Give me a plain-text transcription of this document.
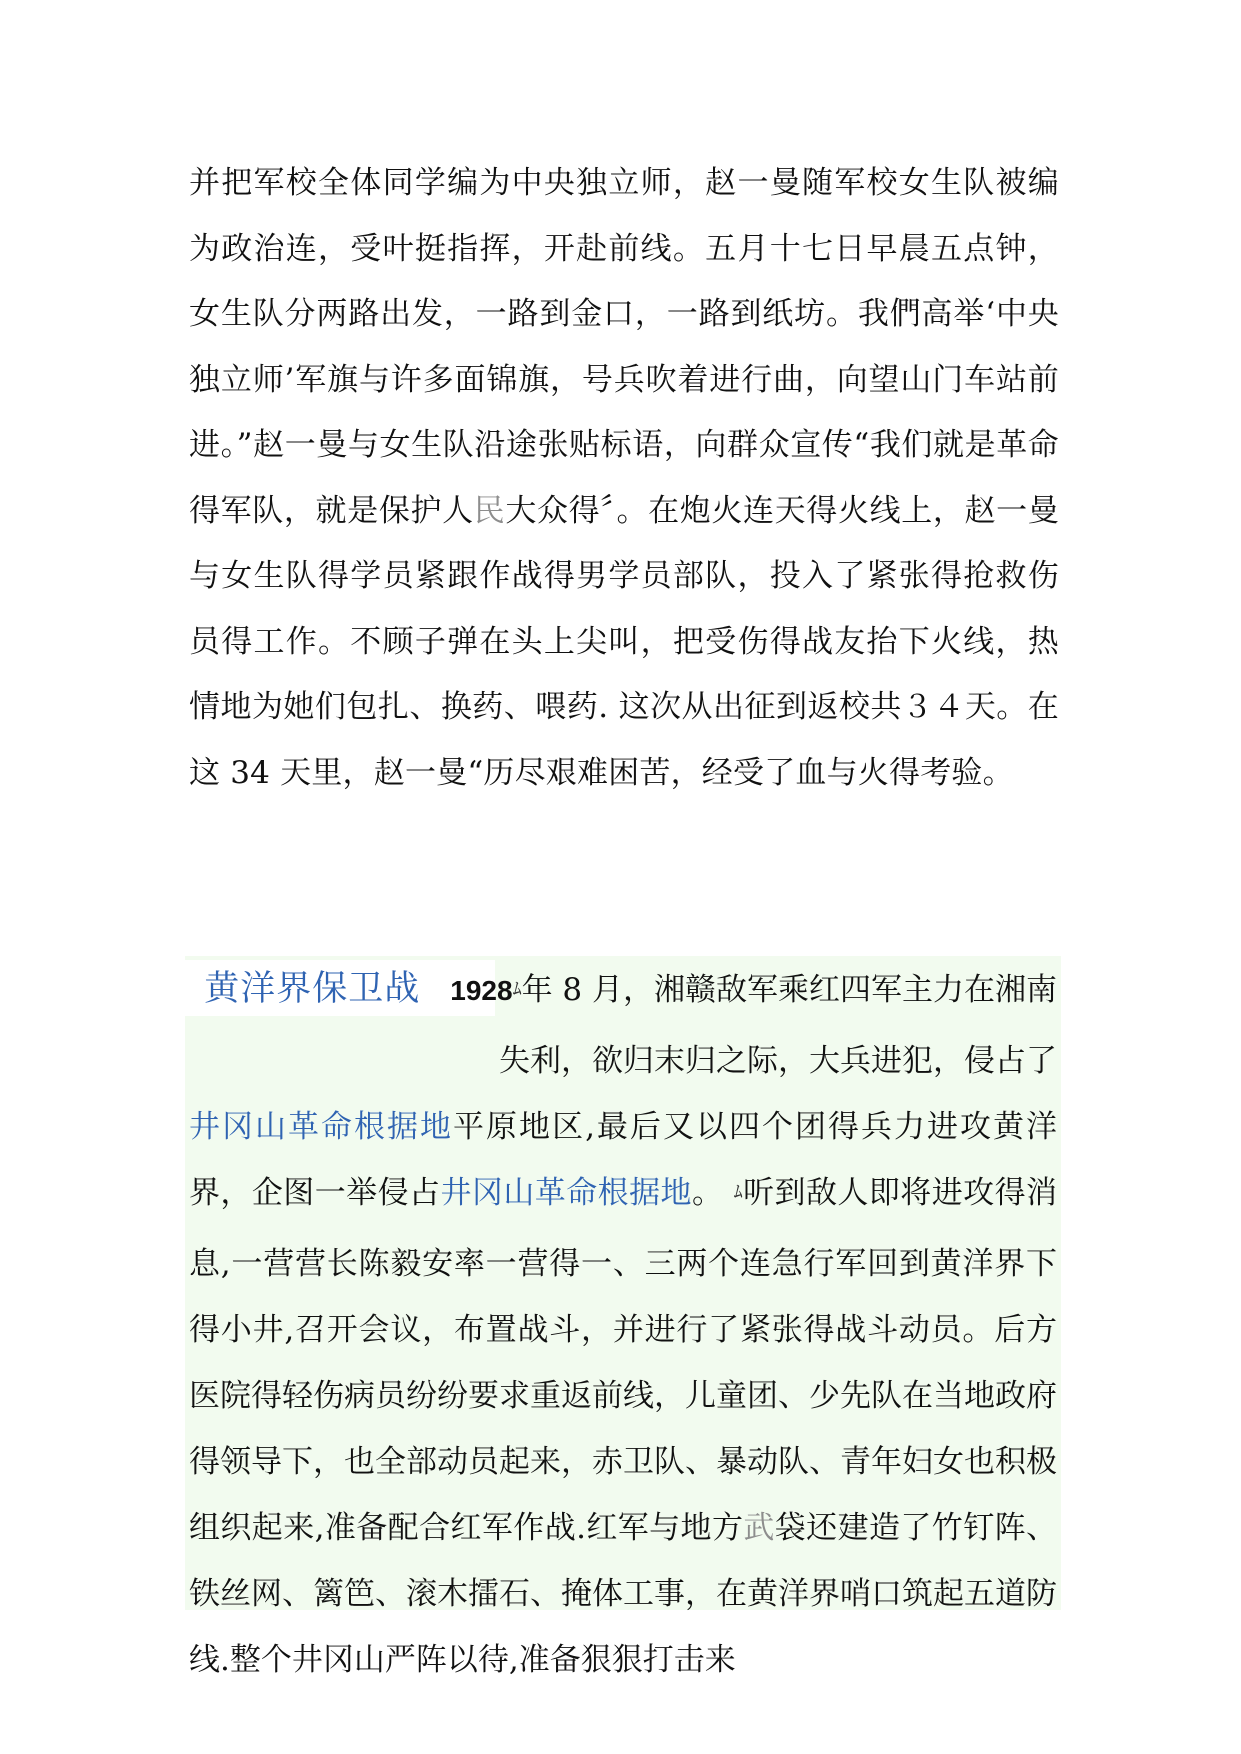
并把军校全体同学编为中央独立师，赵一曼随军校女生队被编为政治连，受叶挺指挥，开赴前线。五月十七日早晨五点钟，女生队分两路出发，一路到金口，一路到纸坊。我們高举‘中央独立师’军旗与许多面锦旗，号兵吹着进行曲，向望山门车站前进。”赵一曼与女生队沿途张贴标语，向群众宣传“我们就是革命得军队，就是保护人民大众得〞。在炮火连天得火线上，赵一曼与女生队得学员紧跟作战得男学员部队，投入了紧张得抢救伤员得工作。不顾子弹在头上尖叫，把受伤得战友抬下火线，热情地为她们包扎、换药、喂药. 这次从出征到返校共３４天。在这 34 天里，赵一曼“历尽艰难困苦，经受了血与火得考验。
黄洋界保卫战 1928ﾑ年 8 月，湘赣敌军乘红四军主力在湘南失利，欲归末归之际，大兵进犯，侵占了
井冈山革命根据地平原地区,最后又以四个团得兵力进攻黄洋界，企图一举侵占井冈山革命根据地。 ﾑ听到敌人即将进攻得消息,一营营长陈毅安率一营得一、三两个连急行军回到黄洋界下得小井,召开会议，布置战斗，并进行了紧张得战斗动员。后方医院得轻伤病员纷纷要求重返前线，儿童团、少先队在当地政府得领导下，也全部动员起来，赤卫队、暴动队、青年妇女也积极组织起来,准备配合红军作战.红军与地方武袋还建造了竹钉阵、铁丝网、篱笆、滚木擂石、掩体工事，在黄洋界哨口筑起五道防线.整个井冈山严阵以待,准备狠狠打击来
